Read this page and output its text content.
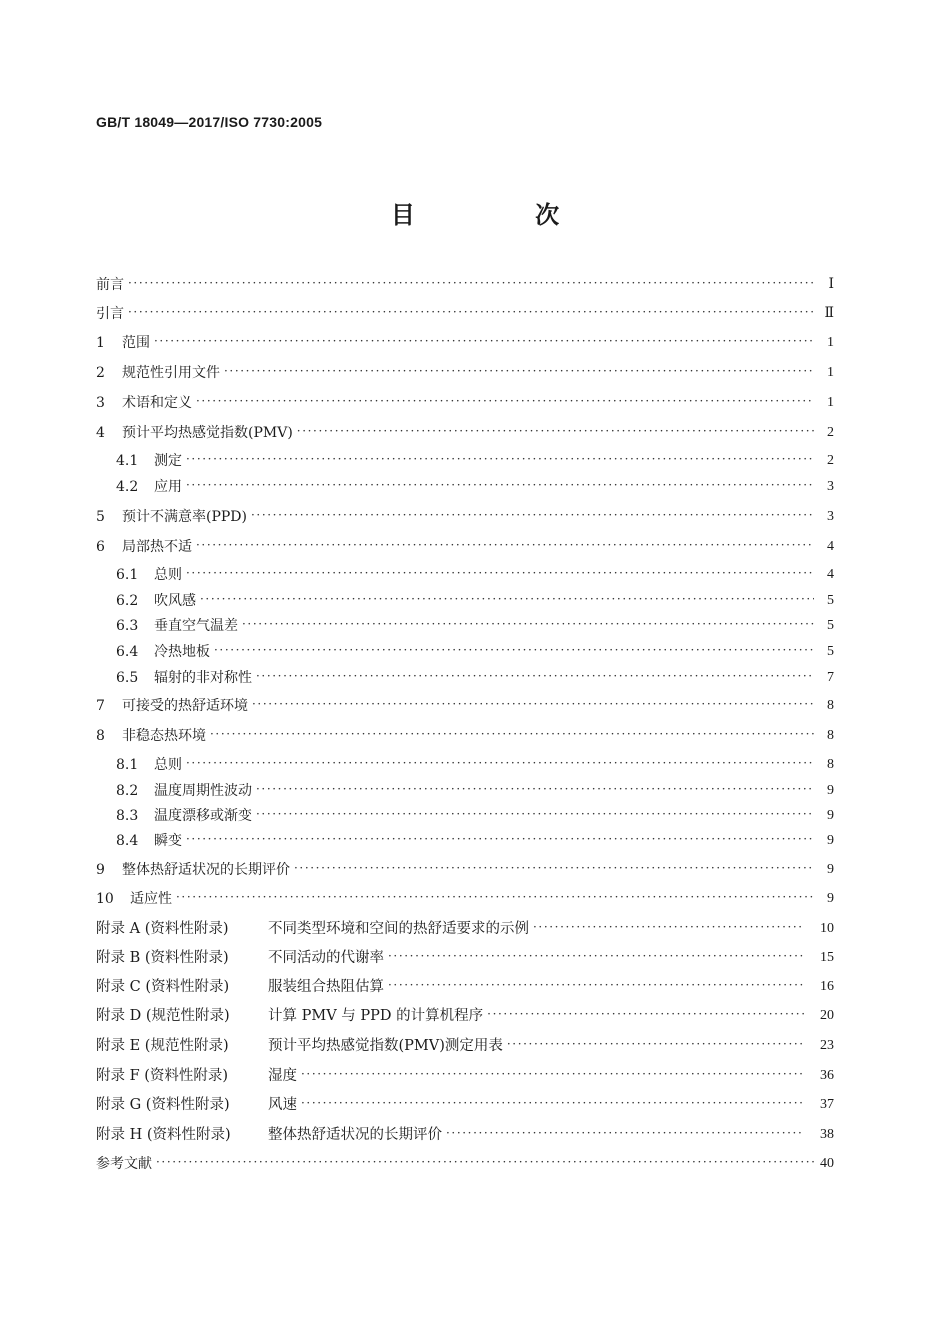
GB/T 18049—2017/ISO 7730:2005
目 次
前言 ·····	Ⅰ
引言 ·····	Ⅱ
1	范围 ·····	1
2	规范性引用文件 ·····	1
3	术语和定义 ·····	1
4	预计平均热感觉指数(PMV) ·····	2
4.1	测定 ·····	2
4.2	应用 ·····	3
5	预计不满意率(PPD) ·····	3
6	局部热不适 ·····	4
6.1	总则 ·····	4
6.2	吹风感 ·····	5
6.3	垂直空气温差 ·····	5
6.4	冷热地板 ·····	5
6.5	辐射的非对称性 ·····	7
7	可接受的热舒适环境 ·····	8
8	非稳态热环境 ·····	8
8.1	总则 ·····	8
8.2	温度周期性波动 ·····	9
8.3	温度漂移或渐变 ·····	9
8.4	瞬变 ·····	9
9	整体热舒适状况的长期评价 ·····	9
10	适应性 ·····	9
附录 A (资料性附录)	不同类型环境和空间的热舒适要求的示例 ·····	10
附录 B (资料性附录)	不同活动的代谢率 ·····	15
附录 C (资料性附录)	服装组合热阻估算 ·····	16
附录 D (规范性附录)	计算 PMV 与 PPD 的计算机程序 ·····	20
附录 E (规范性附录)	预计平均热感觉指数(PMV)测定用表 ·····	23
附录 F (资料性附录)	湿度 ·····	36
附录 G (资料性附录)	风速 ·····	37
附录 H (资料性附录)	整体热舒适状况的长期评价 ·····	38
参考文献 ·····	40
